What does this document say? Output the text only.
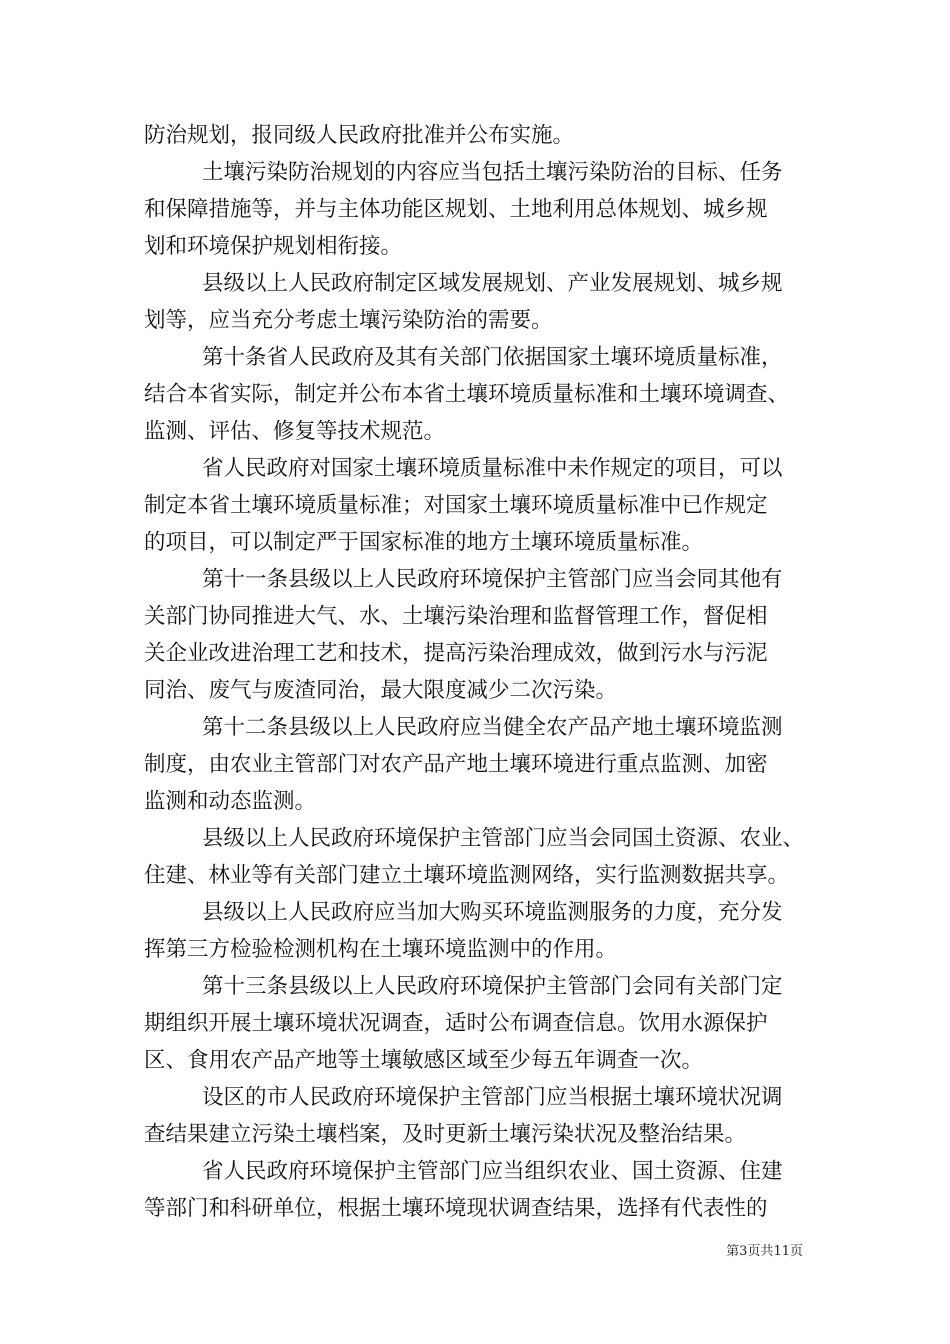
防治规划，报同级人民政府批准并公布实施。
土壤污染防治规划的内容应当包括土壤污染防治的目标、任务
和保障措施等，并与主体功能区规划、土地利用总体规划、城乡规
划和环境保护规划相衔接。
县级以上人民政府制定区域发展规划、产业发展规划、城乡规
划等，应当充分考虑土壤污染防治的需要。
第十条省人民政府及其有关部门依据国家土壤环境质量标准，
结合本省实际，制定并公布本省土壤环境质量标准和土壤环境调查、
监测、评估、修复等技术规范。
省人民政府对国家土壤环境质量标准中未作规定的项目，可以
制定本省土壤环境质量标准；对国家土壤环境质量标准中已作规定
的项目，可以制定严于国家标准的地方土壤环境质量标准。
第十一条县级以上人民政府环境保护主管部门应当会同其他有
关部门协同推进大气、水、土壤污染治理和监督管理工作，督促相
关企业改进治理工艺和技术，提高污染治理成效，做到污水与污泥
同治、废气与废渣同治，最大限度减少二次污染。
第十二条县级以上人民政府应当健全农产品产地土壤环境监测
制度，由农业主管部门对农产品产地土壤环境进行重点监测、加密
监测和动态监测。
县级以上人民政府环境保护主管部门应当会同国土资源、农业、
住建、林业等有关部门建立土壤环境监测网络，实行监测数据共享。
县级以上人民政府应当加大购买环境监测服务的力度，充分发
挥第三方检验检测机构在土壤环境监测中的作用。
第十三条县级以上人民政府环境保护主管部门会同有关部门定
期组织开展土壤环境状况调查，适时公布调查信息。饮用水源保护
区、食用农产品产地等土壤敏感区域至少每五年调查一次。
设区的市人民政府环境保护主管部门应当根据土壤环境状况调
查结果建立污染土壤档案，及时更新土壤污染状况及整治结果。
省人民政府环境保护主管部门应当组织农业、国土资源、住建
等部门和科研单位，根据土壤环境现状调查结果，选择有代表性的
第3页共11页
